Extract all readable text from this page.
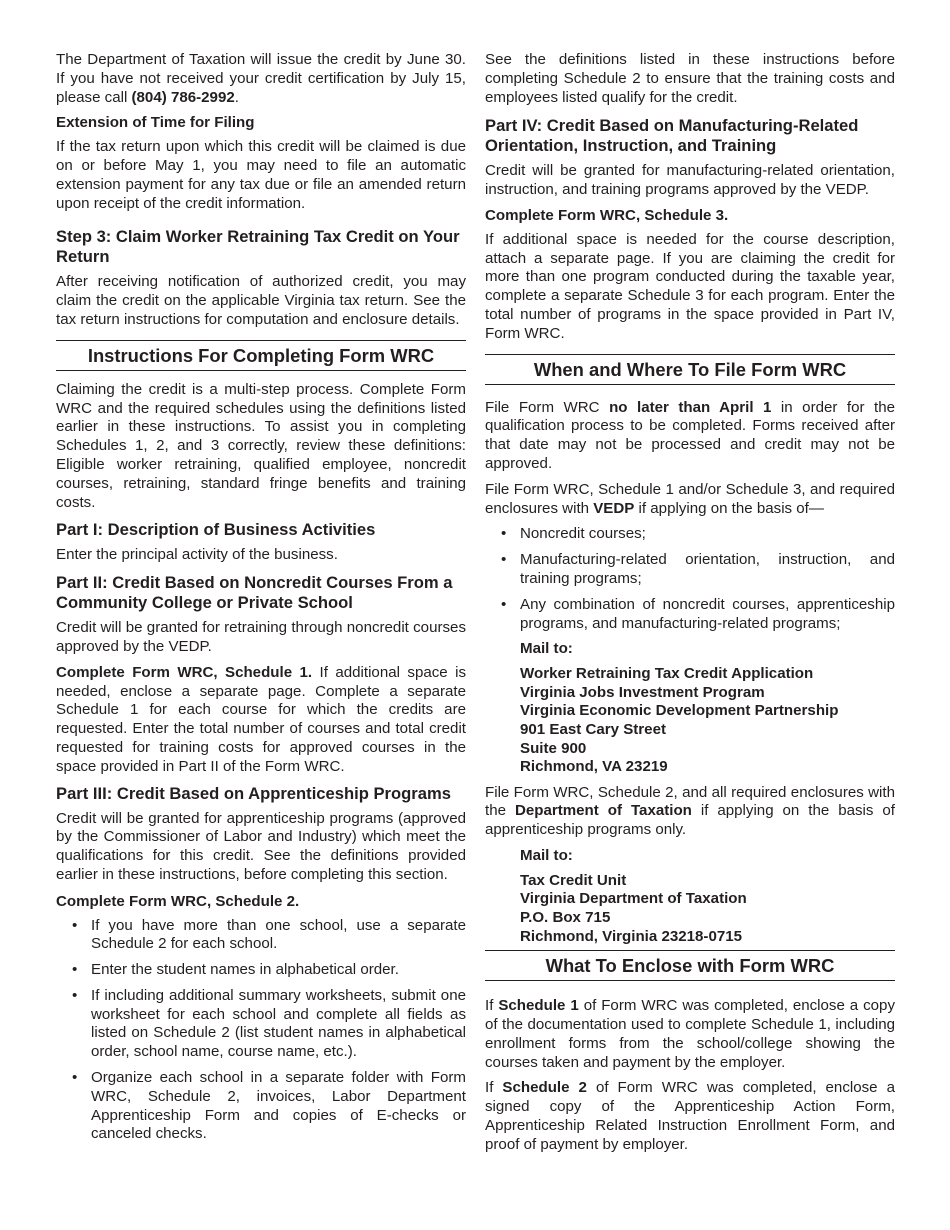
The Department of Taxation will issue the credit by June 30. If you have not received your credit certification by July 15, please call (804) 786-2992.

Extension of Time for Filing

If the tax return upon which this credit will be claimed is due on or before May 1, you may need to file an automatic extension payment for any tax due or file an amended return upon receipt of the credit information.

Step 3: Claim Worker Retraining Tax Credit on Your Return

After receiving notification of authorized credit, you may claim the credit on the applicable Virginia tax return. See the tax return instructions for computation and enclosure details.

Instructions For Completing Form WRC

Claiming the credit is a multi-step process. Complete Form WRC and the required schedules using the definitions listed earlier in these instructions. To assist you in completing Schedules 1, 2, and 3 correctly, review these definitions: Eligible worker retraining, qualified employee, noncredit courses, retraining, standard fringe benefits and training costs.

Part I: Description of Business Activities

Enter the principal activity of the business.

Part II: Credit Based on Noncredit Courses From a Community College or Private School

Credit will be granted for retraining through noncredit courses approved by the VEDP.

Complete Form WRC, Schedule 1. If additional space is needed, enclose a separate page. Complete a separate Schedule 1 for each course for which the credits are requested. Enter the total number of courses and total credit requested for training costs for approved courses in the space provided in Part II of the Form WRC.

Part III: Credit Based on Apprenticeship Programs

Credit will be granted for apprenticeship programs (approved by the Commissioner of Labor and Industry) which meet the qualifications for this credit. See the definitions provided earlier in these instructions, before completing this section.

Complete Form WRC, Schedule 2.
• If you have more than one school, use a separate Schedule 2 for each school.
• Enter the student names in alphabetical order.
• If including additional summary worksheets, submit one worksheet for each school and complete all fields as listed on Schedule 2 (list student names in alphabetical order, school name, course name, etc.).
• Organize each school in a separate folder with Form WRC, Schedule 2, invoices, Labor Department Apprenticeship Form and copies of E-checks or canceled checks.

See the definitions listed in these instructions before completing Schedule 2 to ensure that the training costs and employees listed qualify for the credit.

Part IV: Credit Based on Manufacturing-Related Orientation, Instruction, and Training

Credit will be granted for manufacturing-related orientation, instruction, and training programs approved by the VEDP.

Complete Form WRC, Schedule 3.

If additional space is needed for the course description, attach a separate page. If you are claiming the credit for more than one program conducted during the taxable year, complete a separate Schedule 3 for each program. Enter the total number of programs in the space provided in Part IV, Form WRC.

When and Where To File Form WRC

File Form WRC no later than April 1 in order for the qualification process to be completed. Forms received after that date may not be processed and credit may not be approved.

File Form WRC, Schedule 1 and/or Schedule 3, and required enclosures with VEDP if applying on the basis of—

• Noncredit courses;
• Manufacturing-related orientation, instruction, and training programs;
• Any combination of noncredit courses, apprenticeship programs, and manufacturing-related programs;
Mail to:
Worker Retraining Tax Credit Application
Virginia Jobs Investment Program
Virginia Economic Development Partnership
901 East Cary Street
Suite 900
Richmond, VA 23219

File Form WRC, Schedule 2, and all required enclosures with the Department of Taxation if applying on the basis of apprenticeship programs only.

Mail to:
Tax Credit Unit
Virginia Department of Taxation
P.O. Box 715
Richmond, Virginia 23218-0715
What To Enclose with Form WRC

If Schedule 1 of Form WRC was completed, enclose a copy of the documentation used to complete Schedule 1, including enrollment forms from the school/college showing the courses taken and payment by the employer.

If Schedule 2 of Form WRC was completed, enclose a signed copy of the Apprenticeship Action Form, Apprenticeship Related Instruction Enrollment Form, and proof of payment by employer.
